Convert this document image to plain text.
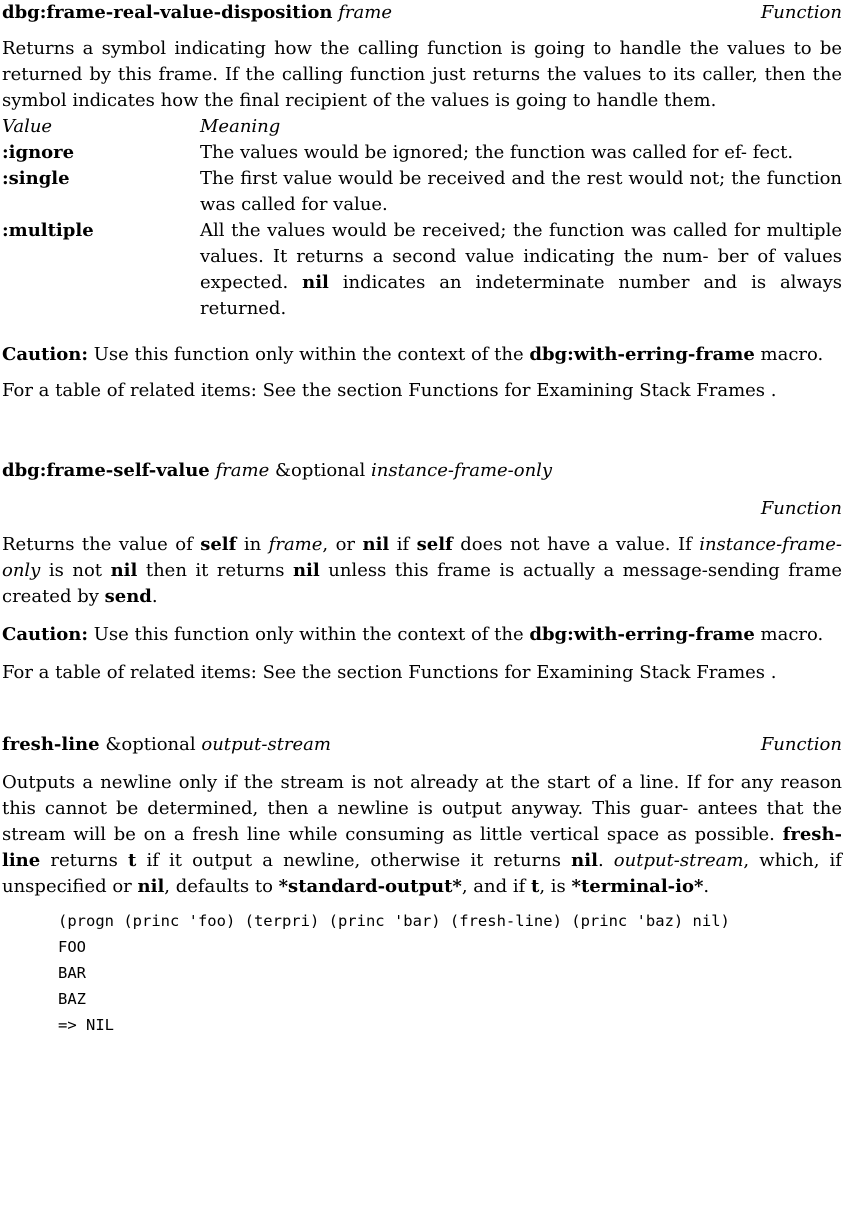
dbg:frame-real-value-disposition frame	Function

Returns a symbol indicating how the calling function is going to handle the values to be returned by this frame. If the calling function just returns the values to its caller, then the symbol indicates how the final recipient of the values is going to handle them.

Value	Meaning
:ignore	The values would be ignored; the function was called for ef- fect.
:single	The first value would be received and the rest would not; the function was called for value.
:multiple	All the values would be received; the function was called for multiple values. It returns a second value indicating the num- ber of values expected. nil indicates an indeterminate number and is always returned.

Caution: Use this function only within the context of the dbg:with-erring-frame macro.

For a table of related items: See the section Functions for Examining Stack Frames .

dbg:frame-self-value frame &optional instance-frame-only
Function

Returns the value of self in frame, or nil if self does not have a value. If instance-frame-only is not nil then it returns nil unless this frame is actually a message-sending frame created by send.

Caution: Use this function only within the context of the dbg:with-erring-frame macro.

For a table of related items: See the section Functions for Examining Stack Frames .

fresh-line &optional output-stream	Function

Outputs a newline only if the stream is not already at the start of a line. If for any reason this cannot be determined, then a newline is output anyway. This guar- antees that the stream will be on a fresh line while consuming as little vertical space as possible. fresh-line returns t if it output a newline, otherwise it returns nil. output-stream, which, if unspecified or nil, defaults to *standard-output*, and if t, is *terminal-io*.

(progn (princ 'foo) (terpri) (princ 'bar) (fresh-line) (princ 'baz) nil)
FOO
BAR
BAZ
=> NIL
